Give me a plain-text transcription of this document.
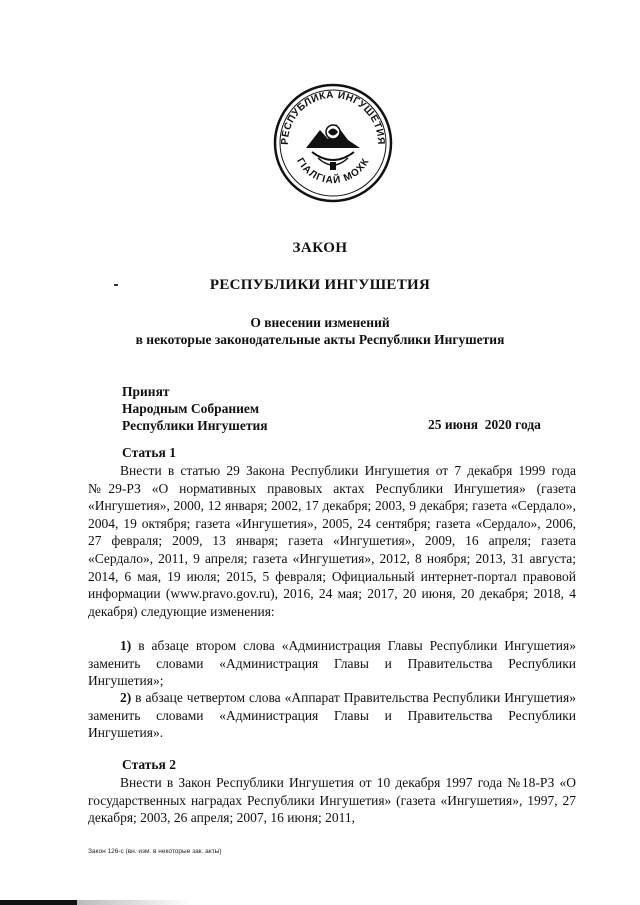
РЕСПУБЛИКА ИНГУШЕТИЯ
ГІАЛГІАЙ МОХК
ЗАКОН
РЕСПУБЛИКИ ИНГУШЕТИЯ
О внесении изменений
в некоторые законодательные акты Республики Ингушетия
Принят
Народным Собранием
Республики Ингушетия	25 июня  2020 года
Статья 1

Внести в статью 29 Закона Республики Ингушетия от 7 декабря 1999 года №29-РЗ «О нормативных правовых актах Республики Ингушетия» (газета «Ингушетия», 2000, 12 января; 2002, 17 декабря; 2003, 9 декабря; газета «Сердало», 2004, 19 октября; газета «Ингушетия», 2005, 24 сентября; газета «Сердало», 2006, 27 февраля; 2009, 13 января; газета «Ингушетия», 2009, 16 апреля; газета «Сердало», 2011, 9 апреля; газета «Ингушетия», 2012, 8 ноября; 2013, 31 августа; 2014, 6 мая, 19 июля; 2015, 5 февраля; Официальный интернет-портал правовой информации (www.pravo.gov.ru), 2016, 24 мая; 2017, 20 июня, 20 декабря; 2018, 4 декабря) следующие изменения:

1) в абзаце втором слова «Администрация Главы Республики Ингушетия» заменить словами «Администрация Главы и Правительства Республики Ингушетия»;

2) в абзаце четвертом слова «Аппарат Правительства Республики Ингушетия» заменить словами «Администрация Главы и Правительства Республики Ингушетия».

Статья 2

Внести в Закон Республики Ингушетия от 10 декабря 1997 года №18-РЗ «О государственных наградах Республики Ингушетия» (газета «Ингушетия», 1997, 27 декабря; 2003, 26 апреля; 2007, 16 июня; 2011,

Закон 126-с (вн. изм. в некоторые зак. акты)
